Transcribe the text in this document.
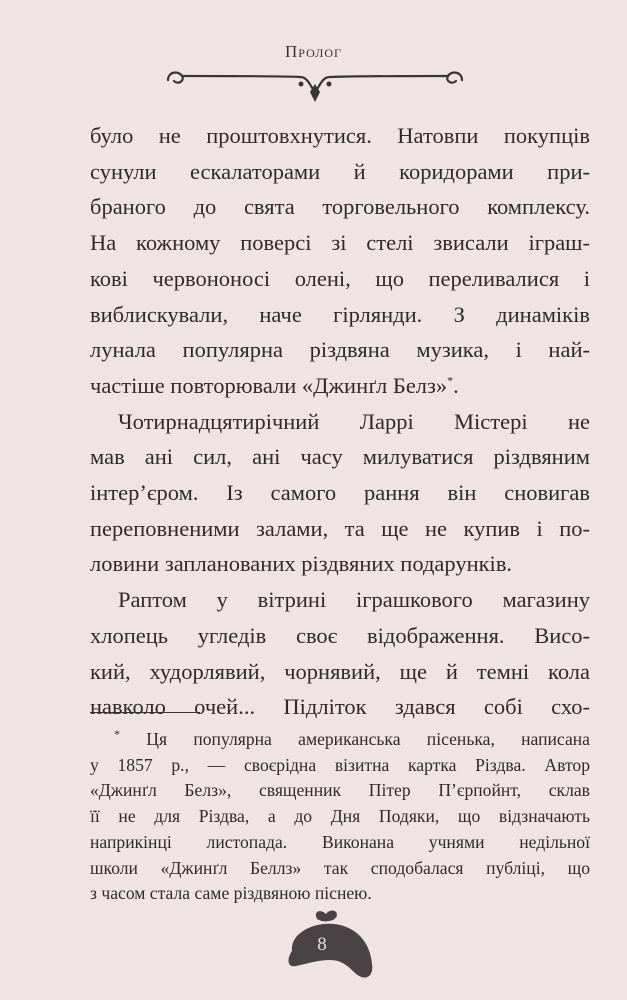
Пролог

було не проштовхнутися. Натовпи покупців
сунули ескалаторами й коридорами при-
браного до свята торговельного комплексу.
На кожному поверсі зі стелі звисали іграш-
кові червононосі олені, що переливалися і
виблискували, наче гірлянди. З динаміків
лунала популярна різдвяна музика, і най-
частіше повторювали «Джинґл Белз»*.

Чотирнадцятирічний Ларрі Містері не
мав ані сил, ані часу милуватися різдвяним
інтер’єром. Із самого рання він сновигав
переповненими залами, та ще не купив і по-
ловини запланованих різдвяних подарунків.

Раптом у вітрині іграшкового магазину
хлопець угледів своє відображення. Висо-
кий, худорлявий, чорнявий, ще й темні кола
навколо очей... Підліток здався собі схо-

* Ця популярна американська пісенька, написана
у 1857 р., — своєрідна візитна картка Різдва. Автор
«Джинґл Белз», священник Пітер П’єрпойнт, склав
її не для Різдва, а до Дня Подяки, що відзначають
наприкінці листопада. Виконана учнями недільної
школи «Джинґл Беллз» так сподобалася публіці, що
з часом стала саме різдвяною піснею.
8
